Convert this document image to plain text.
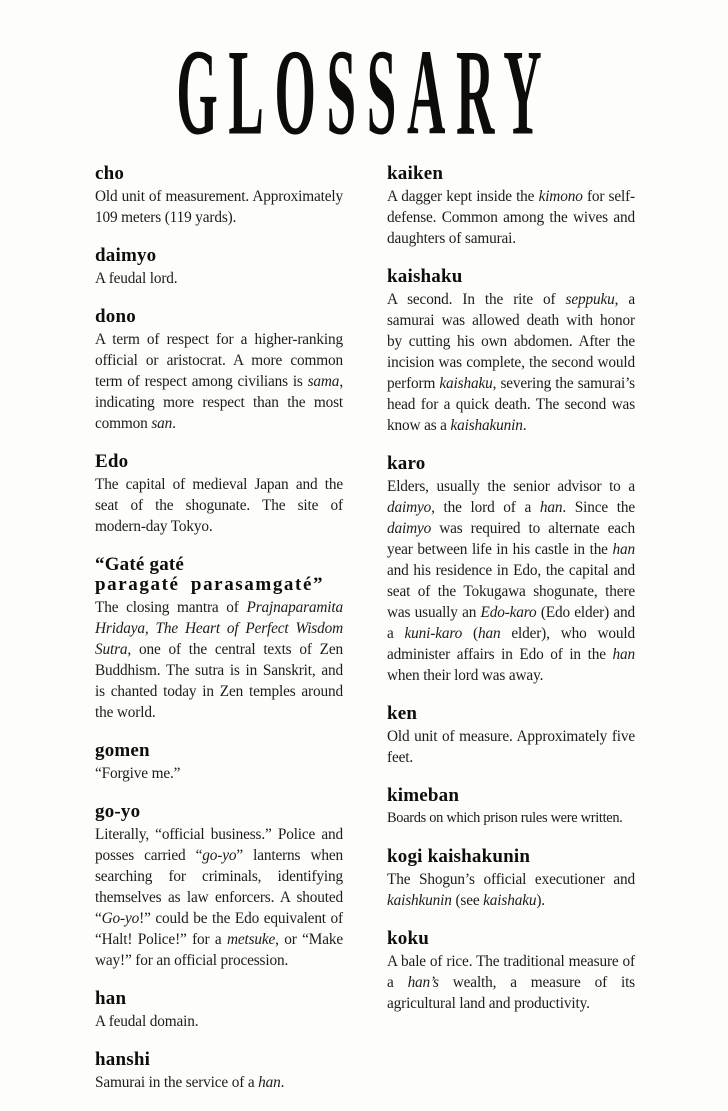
GLOSSARY
cho

Old unit of measurement. Approximately 109 meters (119 yards).

daimyo

A feudal lord.

dono

A term of respect for a higher-ranking official or aristocrat. A more common term of respect among civilians is sama, indicating more respect than the most common san.

Edo

The capital of medieval Japan and the seat of the shogunate. The site of modern-day Tokyo.

“Gaté gaté
paragaté parasamgaté”

The closing mantra of Prajnaparamita Hridaya, The Heart of Perfect Wisdom Sutra, one of the central texts of Zen Buddhism. The sutra is in Sanskrit, and is chanted today in Zen temples around the world.

gomen

“Forgive me.”

go-yo

Literally, “official business.” Police and posses carried “go-yo” lanterns when searching for criminals, identifying themselves as law enforcers. A shouted “Go-yo!” could be the Edo equivalent of “Halt! Police!” for a metsuke, or “Make way!” for an official procession.

han

A feudal domain.

hanshi

Samurai in the service of a han.

kaiken

A dagger kept inside the kimono for self-defense. Common among the wives and daughters of samurai.

kaishaku

A second. In the rite of seppuku, a samurai was allowed death with honor by cutting his own abdomen. After the incision was complete, the second would perform kaishaku, severing the samurai’s head for a quick death. The second was know as a kaishakunin.

karo

Elders, usually the senior advisor to a daimyo, the lord of a han. Since the daimyo was required to alternate each year between life in his castle in the han and his residence in Edo, the capital and seat of the Tokugawa shogunate, there was usually an Edo-karo (Edo elder) and a kuni-karo (han elder), who would administer affairs in Edo of in the han when their lord was away.

ken

Old unit of measure. Approximately five feet.

kimeban

Boards on which prison rules were written.

kogi kaishakunin

The Shogun’s official executioner and kaishkunin (see kaishaku).

koku

A bale of rice. The traditional measure of a han’s wealth, a measure of its agricultural land and productivity.
